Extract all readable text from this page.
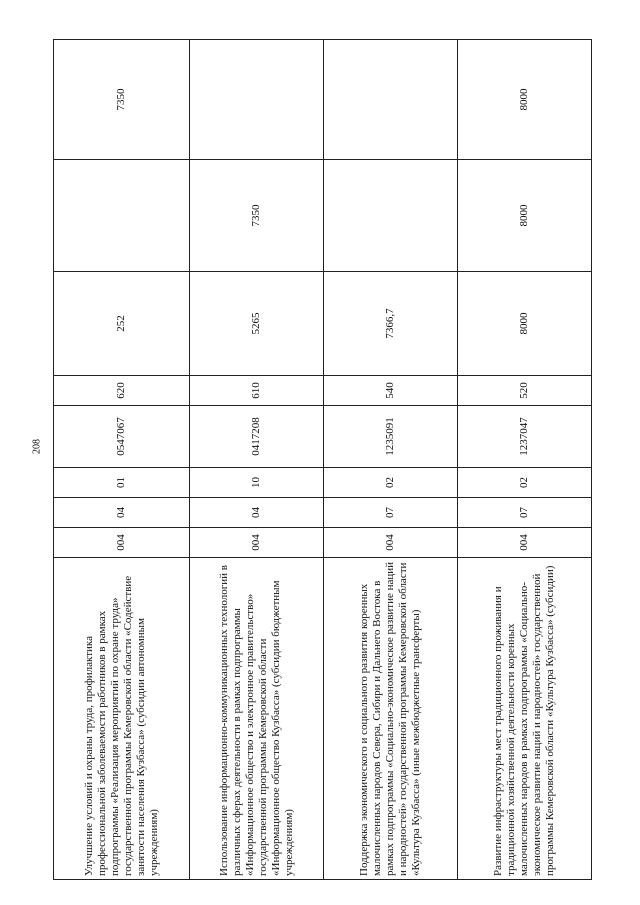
208
Улучшение условий и охраны труда, профилактика профессиональной заболеваемости работников в рамках подпрограммы «Реализация мероприятий по охране труда» государственной программы Кемеровской области «Содействие занятости населения Кузбасса» (субсидии автономным учреждениям)	004	04	01	0547067	620	252		7350
Использование информационно-коммуникационных технологий в различных сферах деятельности в рамках подпрограммы «Информационное общество и электронное правительство» государственной программы Кемеровской области «Информационное общество Кузбасса» (субсидии бюджетным учреждениям)	004	04	10	0417208	610	5265	7350	
Поддержка экономического и социального развития коренных малочисленных народов Севера, Сибири и Дальнего Востока в рамках подпрограммы «Социально-экономическое развитие наций и народностей» государственной программы Кемеровской области «Культура Кузбасса» (иные межбюджетные трансферты)	004	07	02	1235091	540	7366,7		
Развитие инфраструктуры мест традиционного проживания и традиционной хозяйственной деятельности коренных малочисленных народов в рамках подпрограммы «Социально-экономическое развитие наций и народностей» государственной программы Кемеровской области «Культура Кузбасса» (субсидии)	004	07	02	1237047	520	8000	8000	8000
